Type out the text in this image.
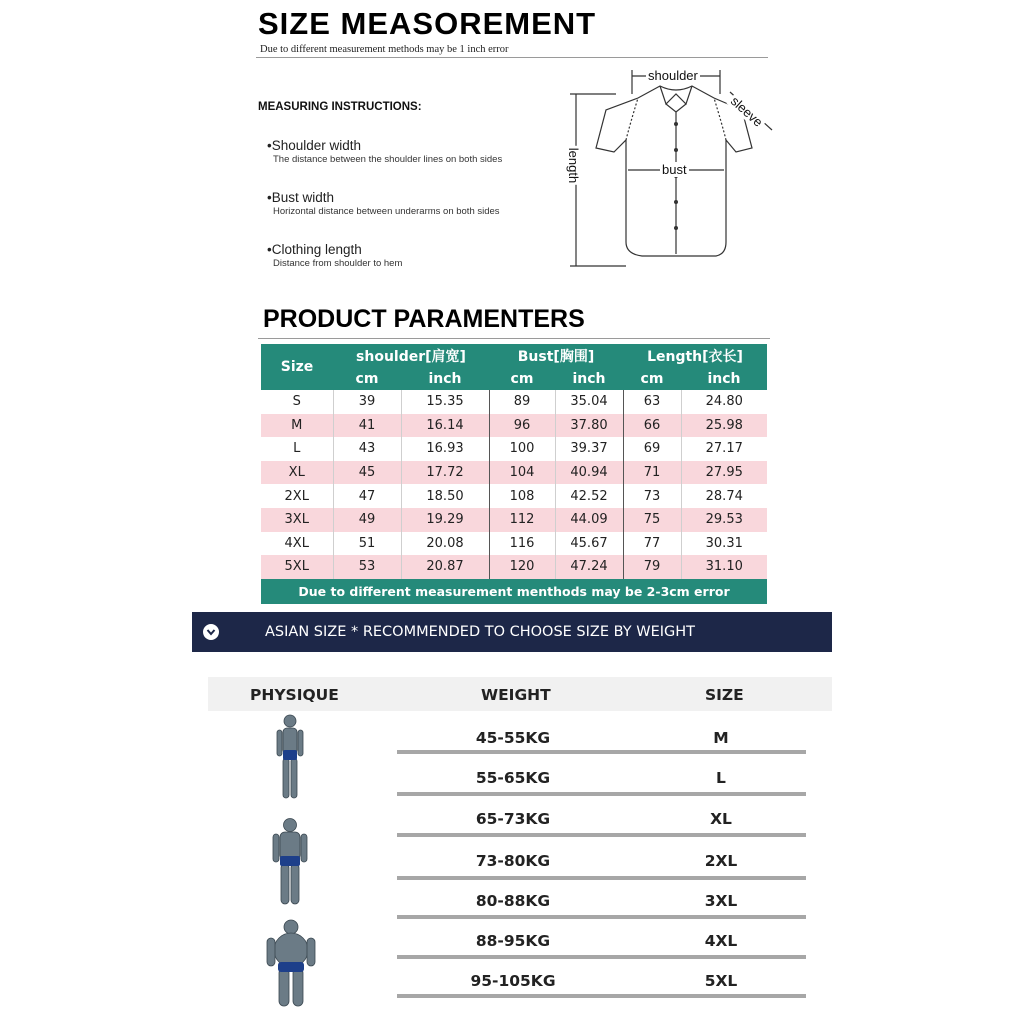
SIZE MEASOREMENT
Due to different measurement methods may be 1 inch error
MEASURING INSTRUCTIONS:
•Shoulder width
The distance between the shoulder lines on both sides
•Bust width
Horizontal distance between underarms on both sides
•Clothing length
Distance from shoulder to hem
shoulder
bust
length
sleeve
PRODUCT PARAMENTERS
Size	shoulder[肩宽]		Bust[胸围]		Length[衣长]	
	cm	inch	cm	inch	cm	inch
S	39	15.35	89	35.04	63	24.80
M	41	16.14	96	37.80	66	25.98
L	43	16.93	100	39.37	69	27.17
XL	45	17.72	104	40.94	71	27.95
2XL	47	18.50	108	42.52	73	28.74
3XL	49	19.29	112	44.09	75	29.53
4XL	51	20.08	116	45.67	77	30.31
5XL	53	20.87	120	47.24	79	31.10
Due to different measurement menthods may be 2-3cm error						
ASIAN SIZE * RECOMMENDED TO CHOOSE SIZE BY WEIGHT
PHYSIQUE	WEIGHT	SIZE
45-55KG	M
55-65KG	L
65-73KG	XL
73-80KG	2XL
80-88KG	3XL
88-95KG	4XL
95-105KG	5XL
